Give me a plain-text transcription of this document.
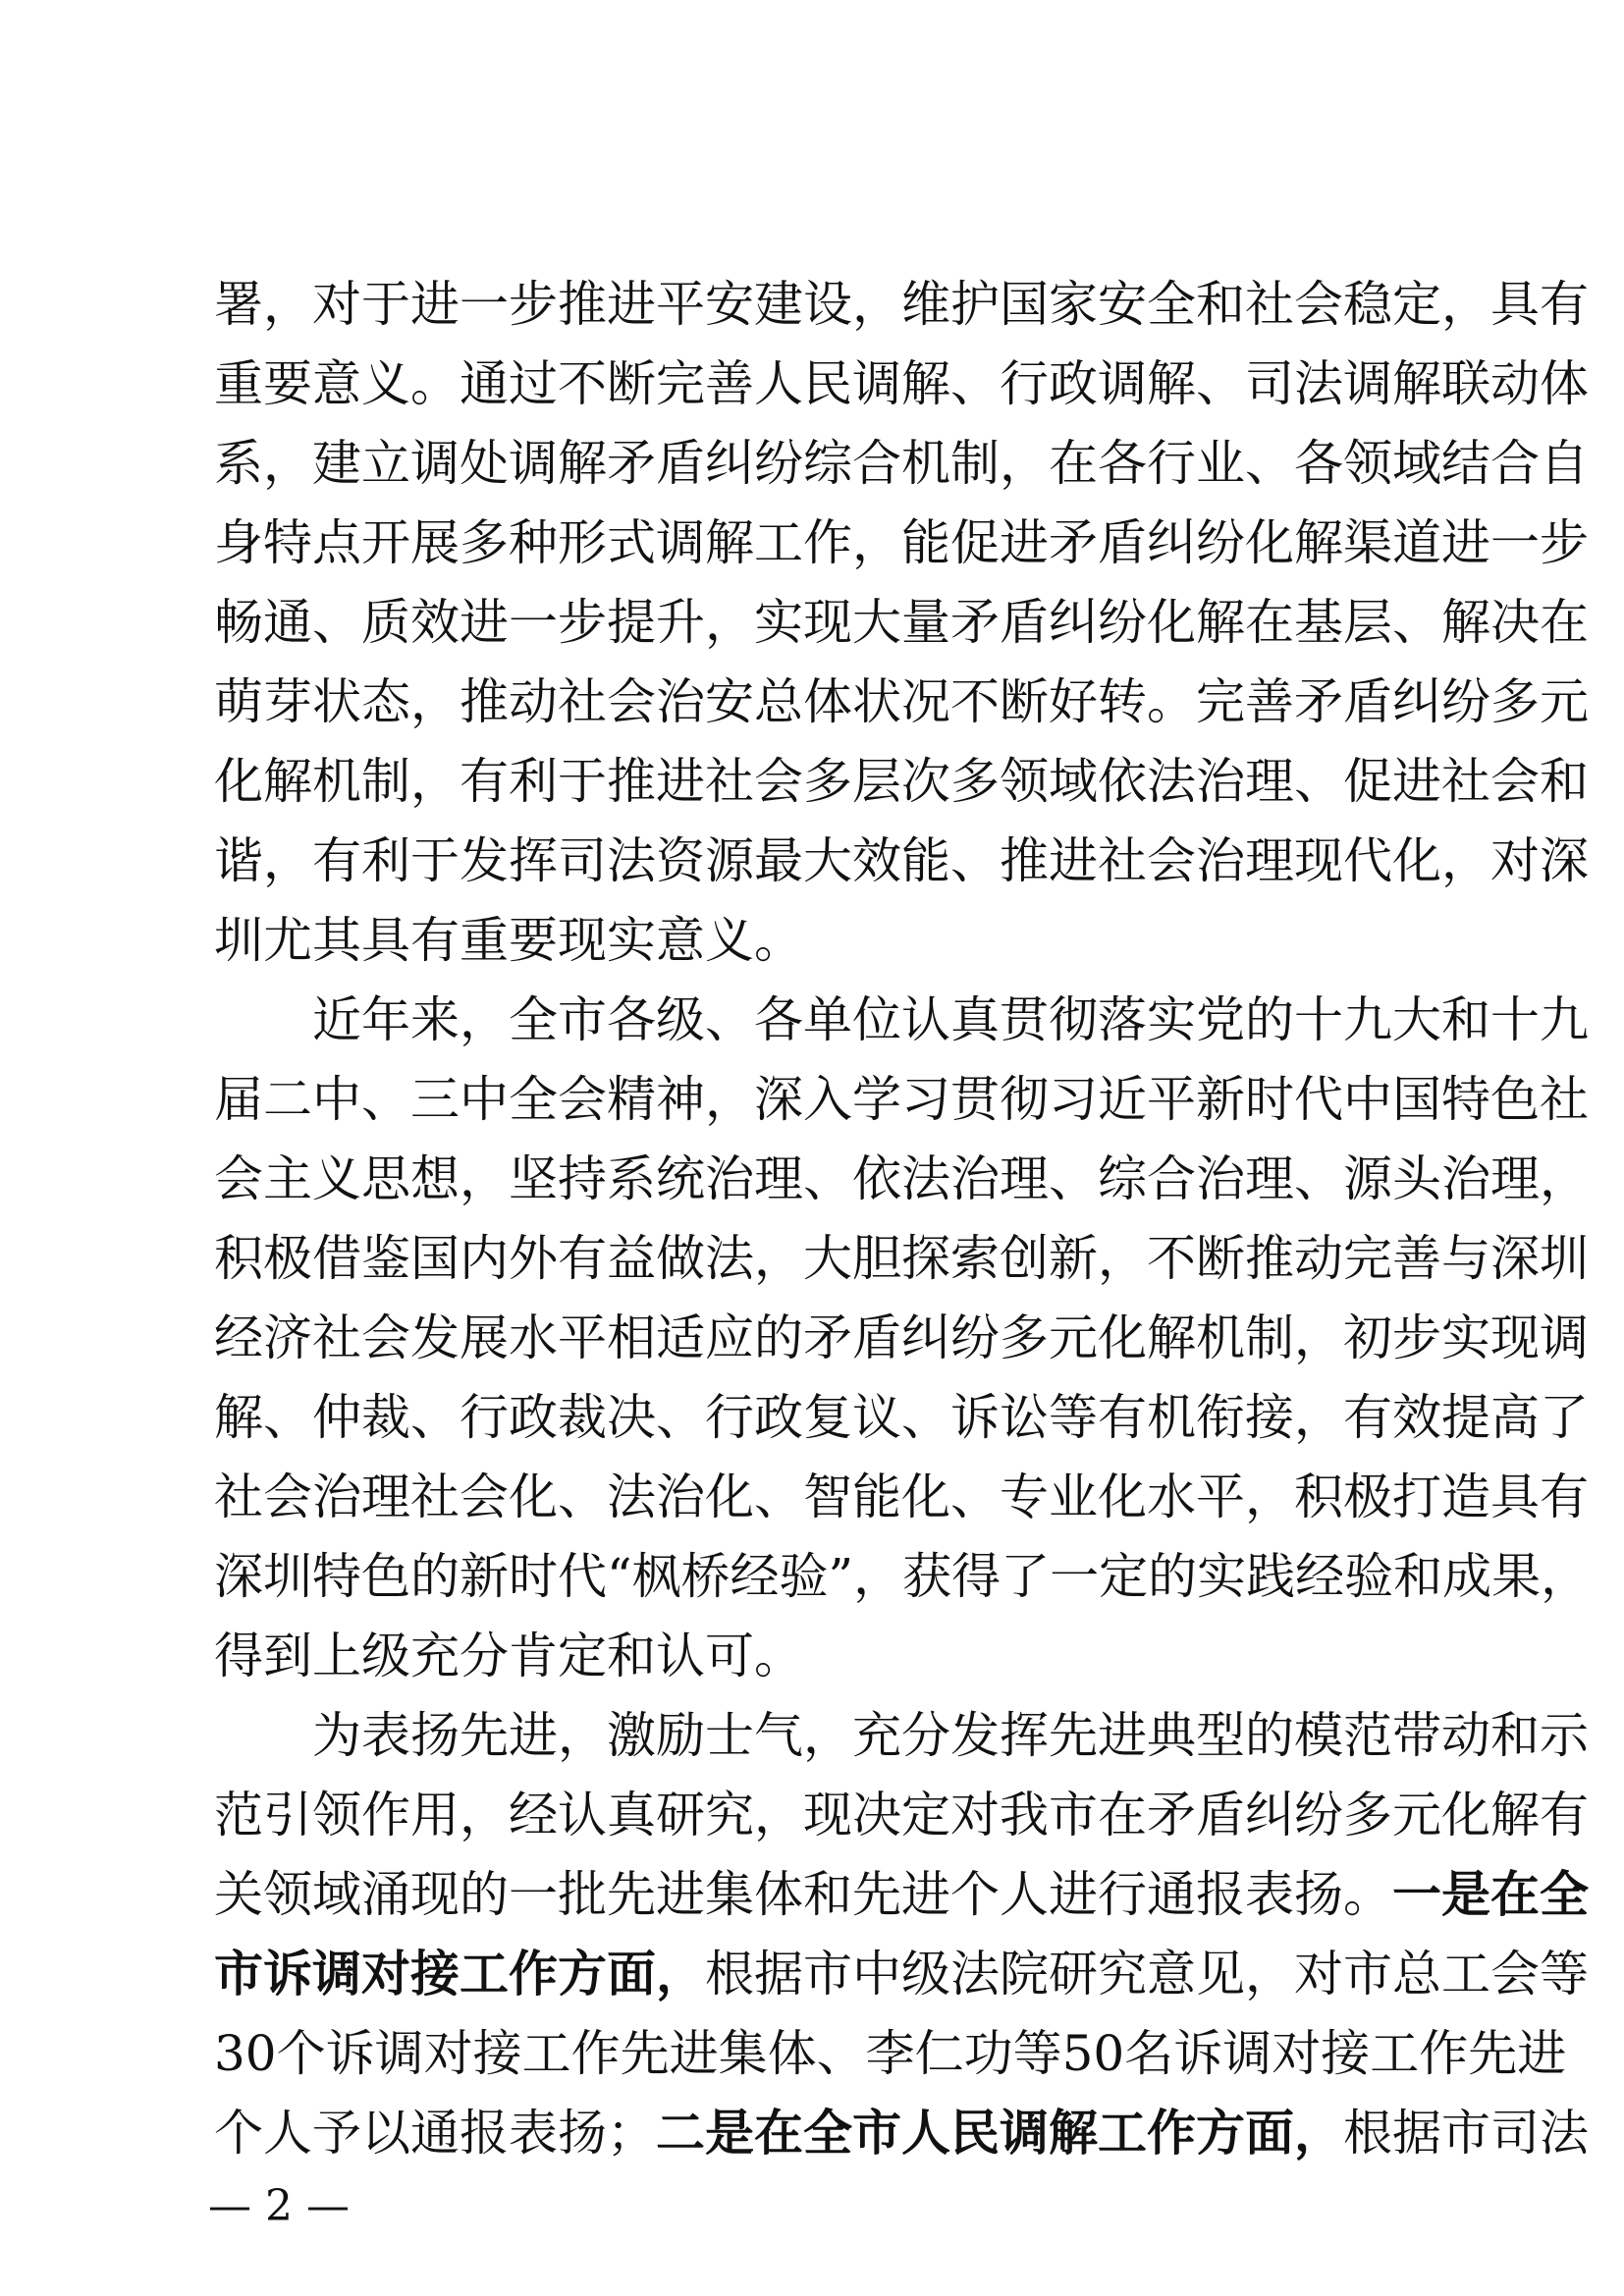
署，对于进一步推进平安建设，维护国家安全和社会稳定，具有
重要意义。通过不断完善人民调解、行政调解、司法调解联动体
系，建立调处调解矛盾纠纷综合机制，在各行业、各领域结合自
身特点开展多种形式调解工作，能促进矛盾纠纷化解渠道进一步
畅通、质效进一步提升，实现大量矛盾纠纷化解在基层、解决在
萌芽状态，推动社会治安总体状况不断好转。完善矛盾纠纷多元
化解机制，有利于推进社会多层次多领域依法治理、促进社会和
谐，有利于发挥司法资源最大效能、推进社会治理现代化，对深
圳尤其具有重要现实意义。
近年来，全市各级、各单位认真贯彻落实党的十九大和十九
届二中、三中全会精神，深入学习贯彻习近平新时代中国特色社
会主义思想，坚持系统治理、依法治理、综合治理、源头治理，
积极借鉴国内外有益做法，大胆探索创新，不断推动完善与深圳
经济社会发展水平相适应的矛盾纠纷多元化解机制，初步实现调
解、仲裁、行政裁决、行政复议、诉讼等有机衔接，有效提高了
社会治理社会化、法治化、智能化、专业化水平，积极打造具有
深圳特色的新时代“枫桥经验”，获得了一定的实践经验和成果，
得到上级充分肯定和认可。
为表扬先进，激励士气，充分发挥先进典型的模范带动和示
范引领作用，经认真研究，现决定对我市在矛盾纠纷多元化解有
关领域涌现的一批先进集体和先进个人进行通报表扬。一是在全
市诉调对接工作方面，根据市中级法院研究意见，对市总工会等
30个诉调对接工作先进集体、李仁功等50名诉调对接工作先进
个人予以通报表扬；二是在全市人民调解工作方面，根据市司法
— 2 —
